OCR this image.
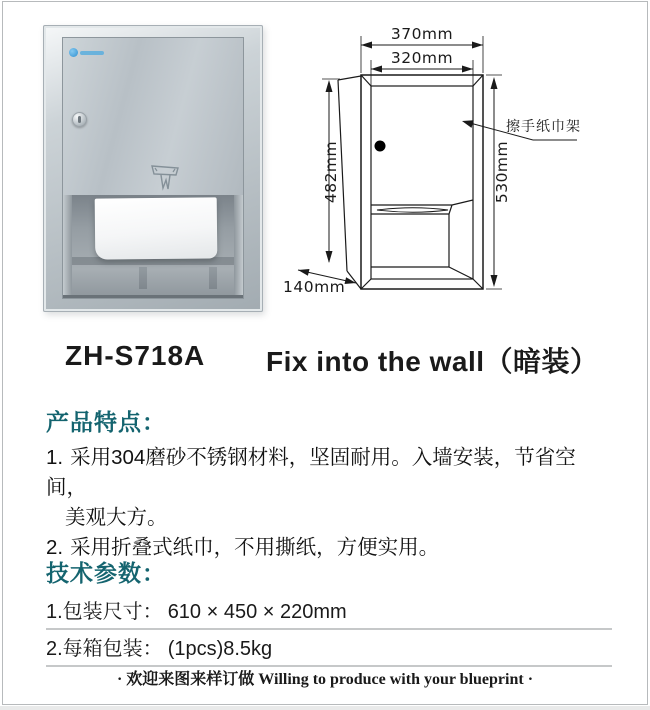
370mm
320mm
482mm	530mm
140mm
擦手纸巾架
ZH-S718A Fix into the wall（暗装）
产品特点：
1. 采用304磨砂不锈钢材料，坚固耐用。入墙安装，节省空间，
美观大方。
2. 采用折叠式纸巾，不用撕纸，方便实用。
技术参数：
1.包装尺寸： 610 × 450 × 220mm
2.每箱包装： (1pcs)8.5kg
· 欢迎来图来样订做 Willing to produce with your blueprint ·
